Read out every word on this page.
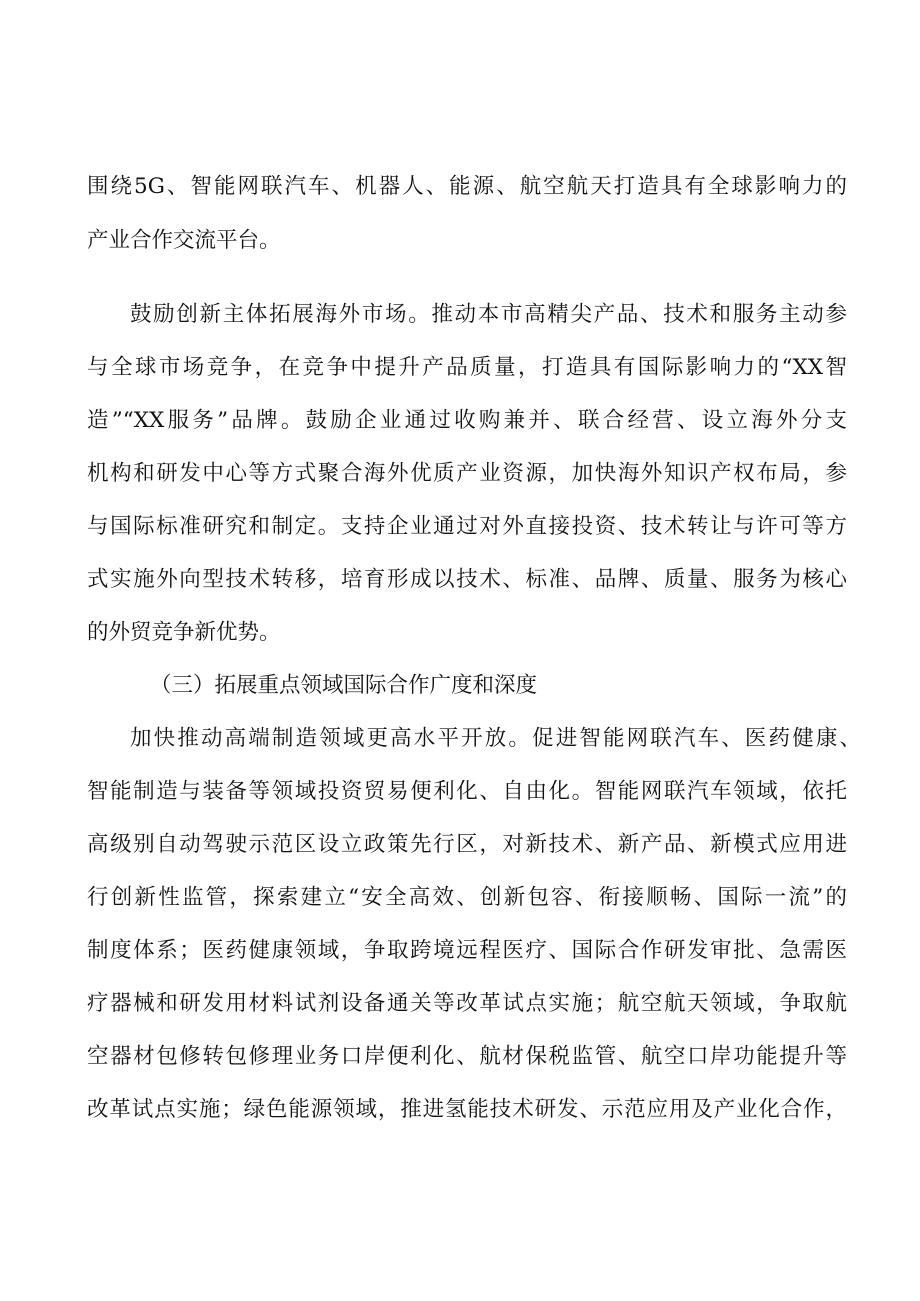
围绕5G、智能网联汽车、机器人、能源、航空航天打造具有全球影响力的
产业合作交流平台。
鼓励创新主体拓展海外市场。推动本市高精尖产品、技术和服务主动参
与全球市场竞争，在竞争中提升产品质量，打造具有国际影响力的“XX智
造”“XX服务”品牌。鼓励企业通过收购兼并、联合经营、设立海外分支
机构和研发中心等方式聚合海外优质产业资源，加快海外知识产权布局，参
与国际标准研究和制定。支持企业通过对外直接投资、技术转让与许可等方
式实施外向型技术转移，培育形成以技术、标准、品牌、质量、服务为核心
的外贸竞争新优势。
（三）拓展重点领域国际合作广度和深度
加快推动高端制造领域更高水平开放。促进智能网联汽车、医药健康、
智能制造与装备等领域投资贸易便利化、自由化。智能网联汽车领域，依托
高级别自动驾驶示范区设立政策先行区，对新技术、新产品、新模式应用进
行创新性监管，探索建立“安全高效、创新包容、衔接顺畅、国际一流”的
制度体系；医药健康领域，争取跨境远程医疗、国际合作研发审批、急需医
疗器械和研发用材料试剂设备通关等改革试点实施；航空航天领域，争取航
空器材包修转包修理业务口岸便利化、航材保税监管、航空口岸功能提升等
改革试点实施；绿色能源领域，推进氢能技术研发、示范应用及产业化合作，
